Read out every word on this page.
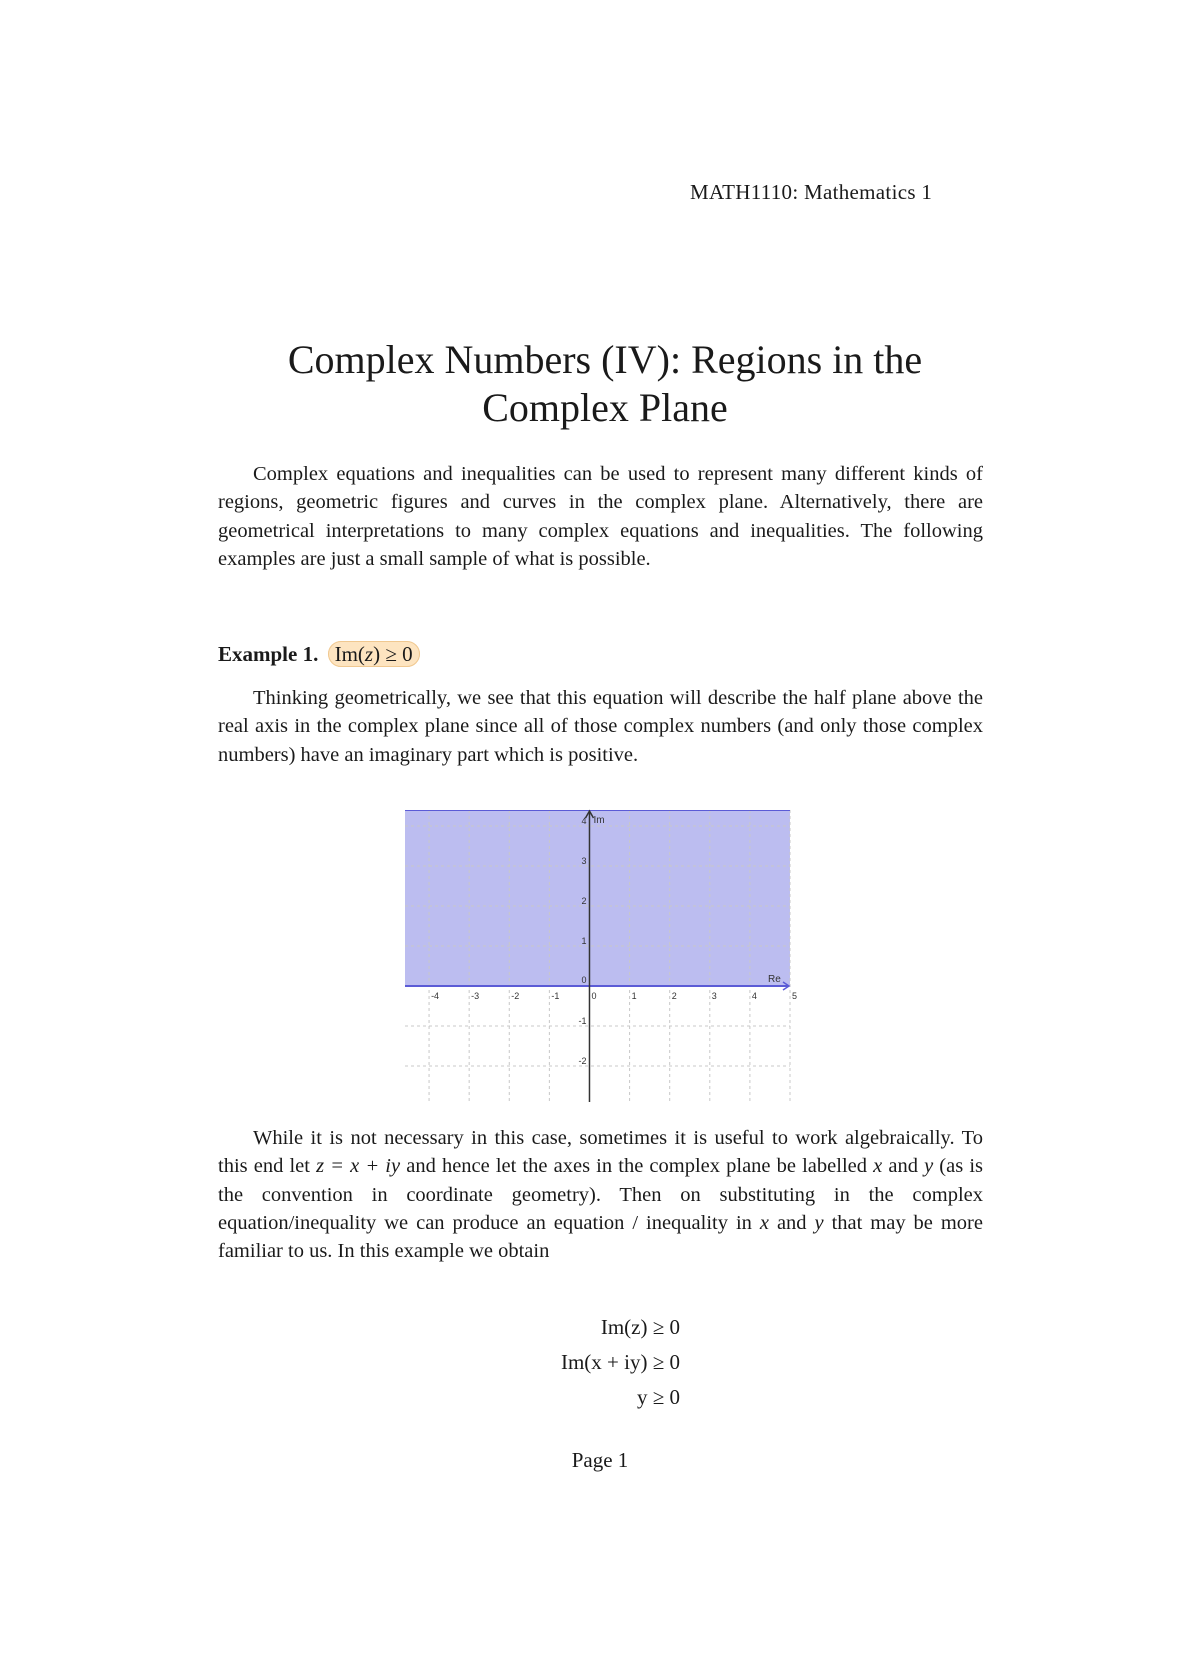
MATH1110: Mathematics 1
Complex Numbers (IV): Regions in the
Complex Plane

Complex equations and inequalities can be used to represent many different kinds of regions, geometric figures and curves in the complex plane. Alternatively, there are geometrical interpretations to many complex equations and inequalities. The following examples are just a small sample of what is possible.

Example 1. Im(z) ≥ 0

Thinking geometrically, we see that this equation will describe the half plane above the real axis in the complex plane since all of those complex numbers (and only those complex numbers) have an imaginary part which is positive.

-4	-3	-2	-1	0	1	2	3	4	5
-2
-1
1
2
3
4
0	Re
Im

While it is not necessary in this case, sometimes it is useful to work algebraically. To this end let z = x + iy and hence let the axes in the complex plane be labelled x and y (as is the convention in coordinate geometry). Then on substituting in the complex equation/inequality we can produce an equation / inequality in x and y that may be more familiar to us. In this example we obtain

Im(z) ≥ 0
Im(x + iy) ≥ 0
y ≥ 0
Page 1
